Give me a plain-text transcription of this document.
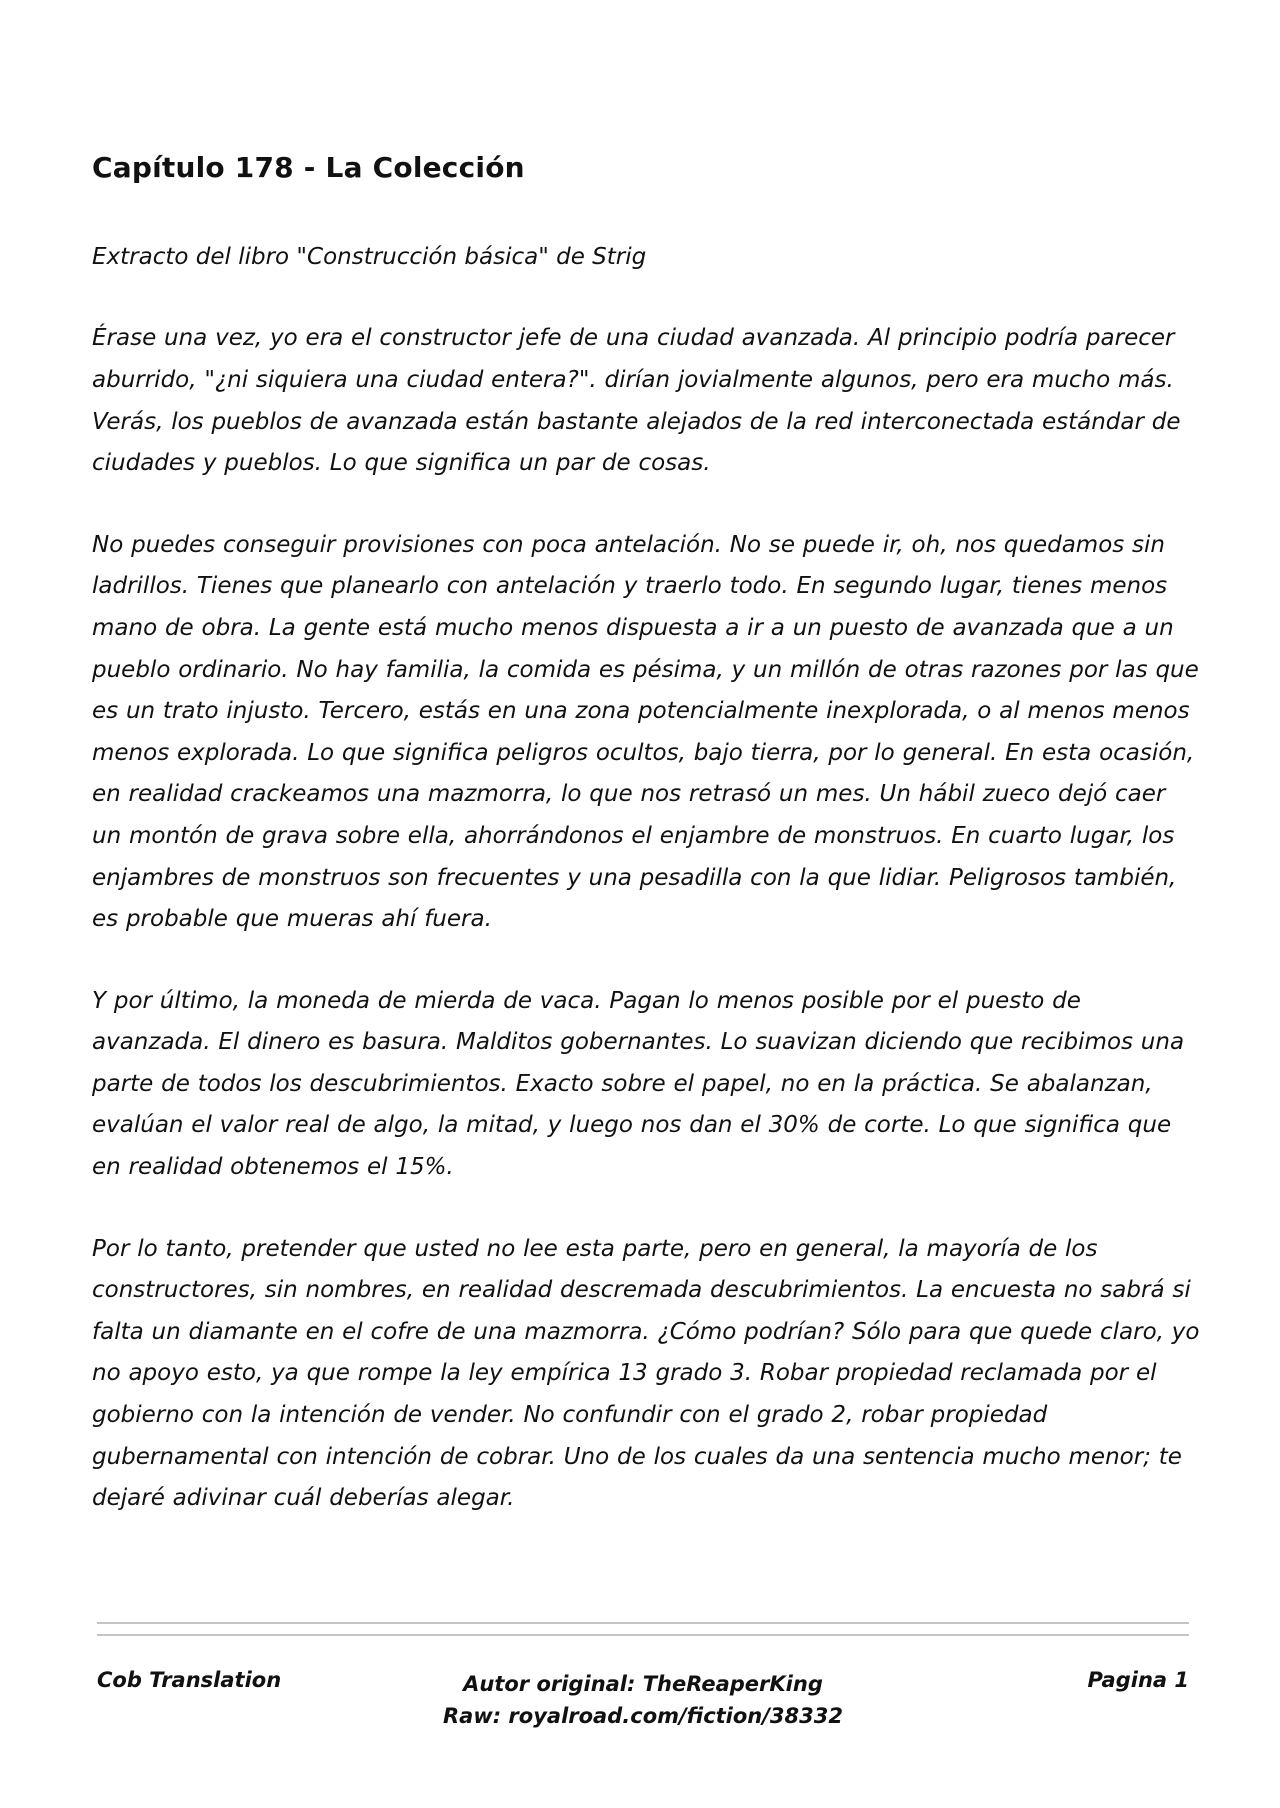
Capítulo 178 - La Colección

Extracto del libro "Construcción básica" de Strig

Érase una vez, yo era el constructor jefe de una ciudad avanzada. Al principio podría parecer aburrido, "¿ni siquiera una ciudad entera?". dirían jovialmente algunos, pero era mucho más. Verás, los pueblos de avanzada están bastante alejados de la red interconectada estándar de ciudades y pueblos. Lo que significa un par de cosas.

No puedes conseguir provisiones con poca antelación. No se puede ir, oh, nos quedamos sin ladrillos. Tienes que planearlo con antelación y traerlo todo. En segundo lugar, tienes menos mano de obra. La gente está mucho menos dispuesta a ir a un puesto de avanzada que a un pueblo ordinario. No hay familia, la comida es pésima, y un millón de otras razones por las que es un trato injusto. Tercero, estás en una zona potencialmente inexplorada, o al menos menos menos explorada. Lo que significa peligros ocultos, bajo tierra, por lo general. En esta ocasión, en realidad crackeamos una mazmorra, lo que nos retrasó un mes. Un hábil zueco dejó caer un montón de grava sobre ella, ahorrándonos el enjambre de monstruos. En cuarto lugar, los enjambres de monstruos son frecuentes y una pesadilla con la que lidiar. Peligrosos también, es probable que mueras ahí fuera.

Y por último, la moneda de mierda de vaca. Pagan lo menos posible por el puesto de avanzada. El dinero es basura. Malditos gobernantes. Lo suavizan diciendo que recibimos una parte de todos los descubrimientos. Exacto sobre el papel, no en la práctica. Se abalanzan, evalúan el valor real de algo, la mitad, y luego nos dan el 30% de corte. Lo que significa que en realidad obtenemos el 15%.

Por lo tanto, pretender que usted no lee esta parte, pero en general, la mayoría de los constructores, sin nombres, en realidad descremada descubrimientos. La encuesta no sabrá si falta un diamante en el cofre de una mazmorra. ¿Cómo podrían? Sólo para que quede claro, yo no apoyo esto, ya que rompe la ley empírica 13 grado 3. Robar propiedad reclamada por el gobierno con la intención de vender. No confundir con el grado 2, robar propiedad gubernamental con intención de cobrar. Uno de los cuales da una sentencia mucho menor; te dejaré adivinar cuál deberías alegar.

Cob Translation	Autor original: TheReaperKing
Raw: royalroad.com/fiction/38332
Pagina 1
